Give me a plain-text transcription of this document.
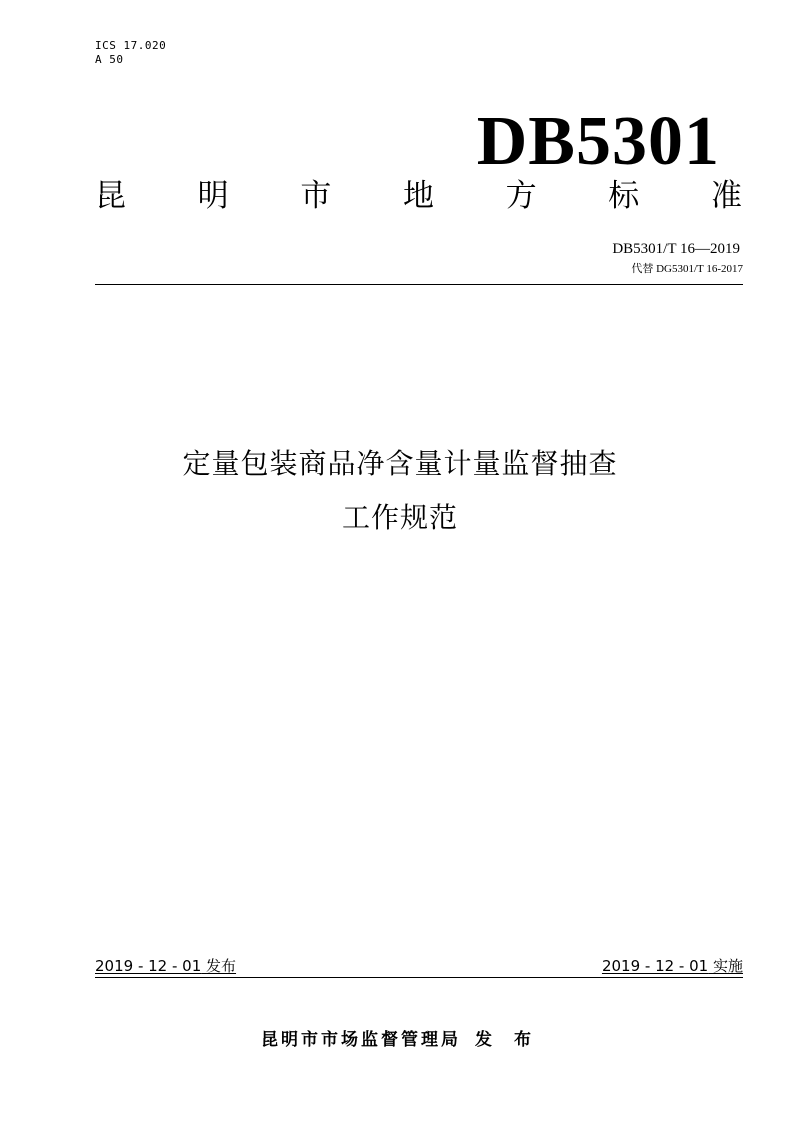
ICS 17.020
A 50
DB5301
昆 明 市 地 方 标 准
DB5301/T 16—2019
代替 DG5301/T 16-2017
定量包装商品净含量计量监督抽查
工作规范
2019 - 12 - 01 发布	2019 - 12 - 01 实施
昆明市市场监督管理局 发 布
